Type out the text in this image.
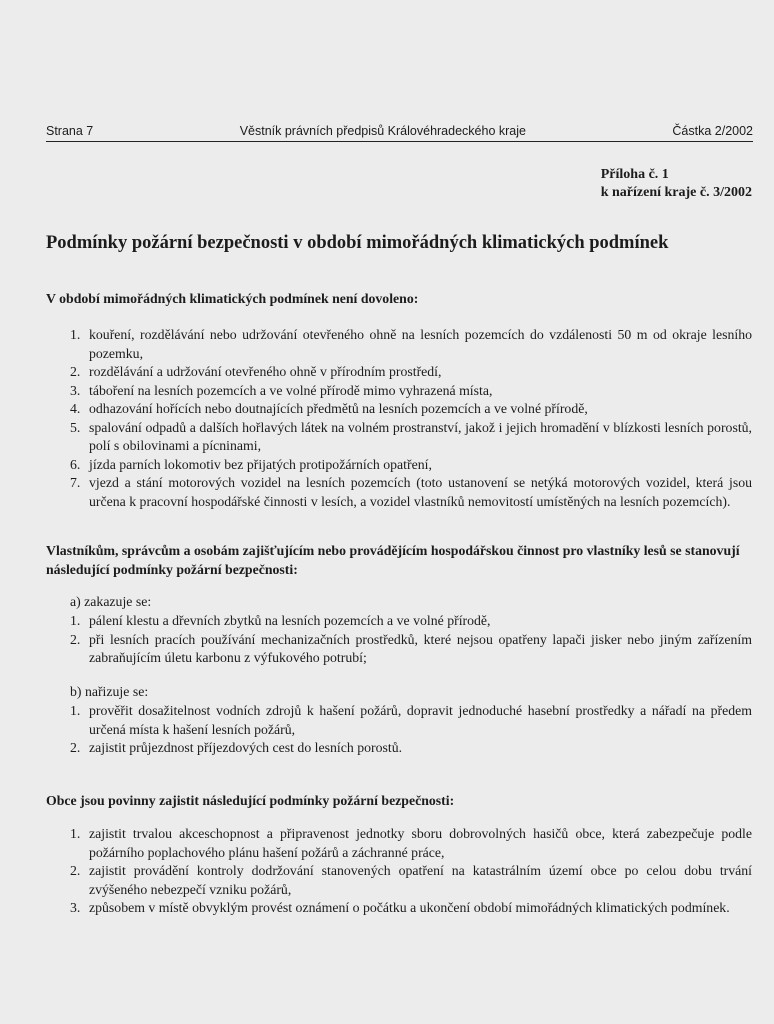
Strana 7	Věstník právních předpisů Královéhradeckého kraje	Částka 2/2002
Příloha č. 1
k nařízení kraje č. 3/2002
Podmínky požární bezpečnosti v období mimořádných klimatických podmínek

V období mimořádných klimatických podmínek není dovoleno:

1. kouření, rozdělávání nebo udržování otevřeného ohně na lesních pozemcích do vzdálenosti 50 m od okraje lesního pozemku,
2. rozdělávání a udržování otevřeného ohně v přírodním prostředí,
3. táboření na lesních pozemcích a ve volné přírodě mimo vyhrazená místa,
4. odhazování hořících nebo doutnajících předmětů na lesních pozemcích a ve volné přírodě,
5. spalování odpadů a dalších hořlavých látek na volném prostranství, jakož i jejich hromadění v blízkosti lesních porostů, polí s obilovinami a pícninami,
6. jízda parních lokomotiv bez přijatých protipožárních opatření,
7. vjezd a stání motorových vozidel na lesních pozemcích (toto ustanovení se netýká motorových vozidel, která jsou určena k pracovní hospodářské činnosti v lesích, a vozidel vlastníků nemovitostí umístěných na lesních pozemcích).

Vlastníkům, správcům a osobám zajišťujícím nebo provádějícím hospodářskou činnost pro vlastníky lesů se stanovují následující podmínky požární bezpečnosti:

a) zakazuje se:

1. pálení klestu a dřevních zbytků na lesních pozemcích a ve volné přírodě,
2. při lesních pracích používání mechanizačních prostředků, které nejsou opatřeny lapači jisker nebo jiným zařízením zabraňujícím úletu karbonu z výfukového potrubí;

b) nařizuje se:

1. prověřit dosažitelnost vodních zdrojů k hašení požárů, dopravit jednoduché hasební prostředky a nářadí na předem určená místa k hašení lesních požárů,
2. zajistit průjezdnost příjezdových cest do lesních porostů.

Obce jsou povinny zajistit následující podmínky požární bezpečnosti:

1. zajistit trvalou akceschopnost a připravenost jednotky sboru dobrovolných hasičů obce, která zabezpečuje podle požárního poplachového plánu hašení požárů a záchranné práce,
2. zajistit provádění kontroly dodržování stanovených opatření na katastrálním území obce po celou dobu trvání zvýšeného nebezpečí vzniku požárů,
3. způsobem v místě obvyklým provést oznámení o počátku a ukončení období mimořádných klimatických podmínek.
